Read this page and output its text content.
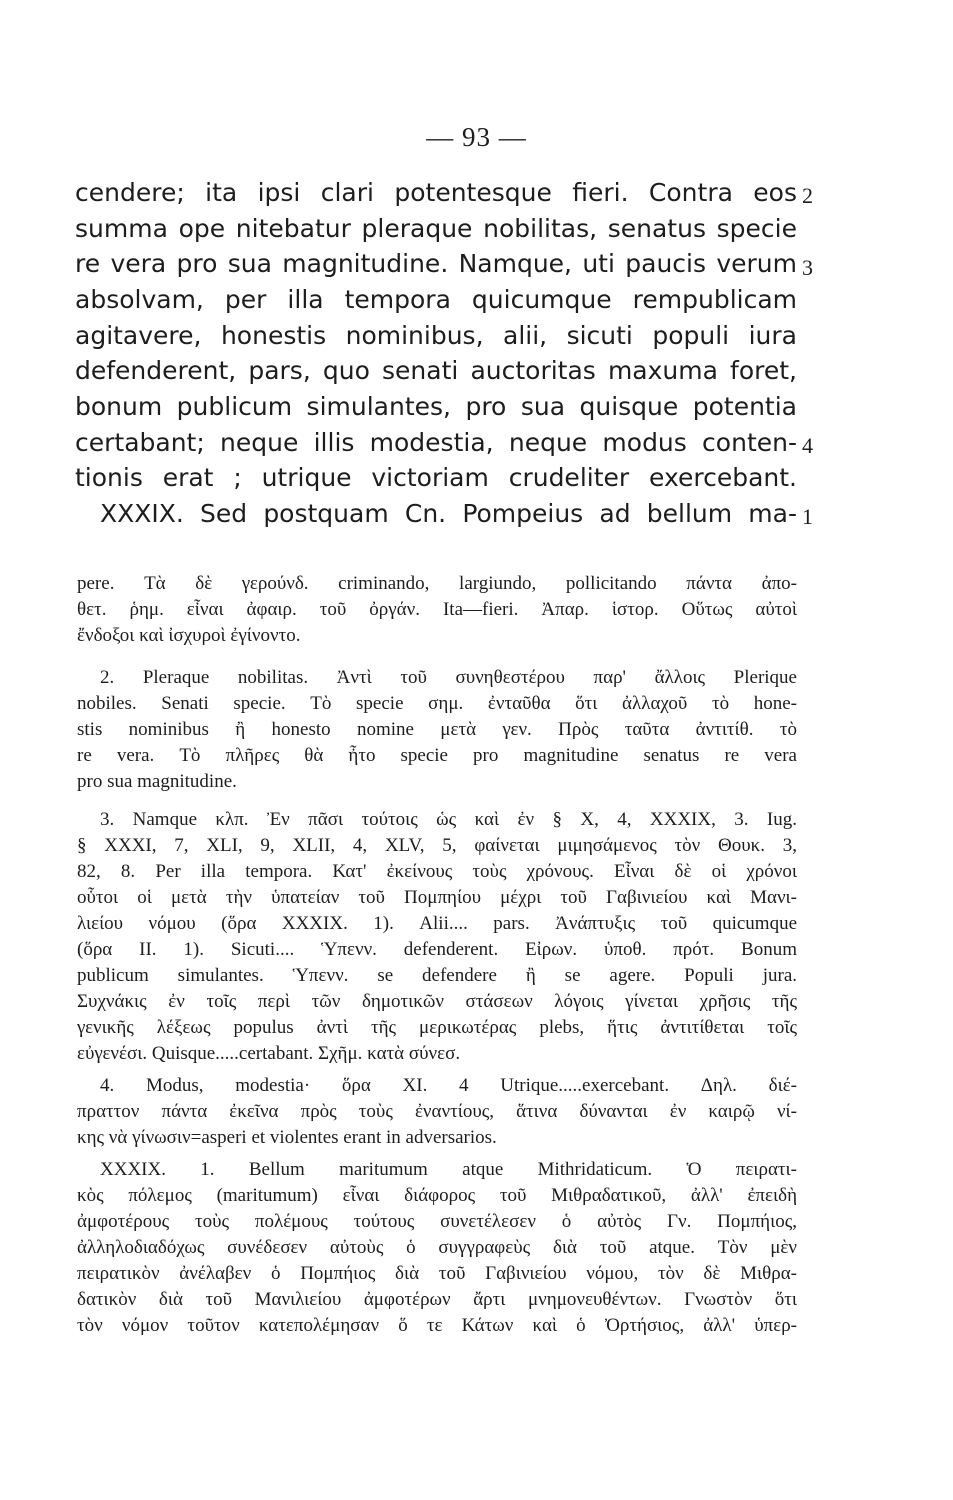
— 93 —
cendere; ita ipsi clari potentesque fieri. Contra eos
summa ope nitebatur pleraque nobilitas, senatus specie
re vera pro sua magnitudine. Namque, uti paucis verum
absolvam, per illa tempora quicumque rempublicam
agitavere, honestis nominibus, alii, sicuti populi iura
defenderent, pars, quo senati auctoritas maxuma foret,
bonum publicum simulantes, pro sua quisque potentia
certabant; neque illis modestia, neque modus conten-
tionis erat ; utrique victoriam crudeliter exercebant.
XXXIX. Sed postquam Cn. Pompeius ad bellum ma-
2
3
4
1
pere. Τὰ δὲ γερούνδ. criminando, largiundo, pollicitando πάντα ἀπο-
θετ. ῥημ. εἶναι ἀφαιρ. τοῦ ὀργάν. Ita—fieri. Ἀπαρ. ἱστορ. Οὕτως αὐτοὶ
ἔνδοξοι καὶ ἰσχυροὶ ἐγίνοντο.
2. Pleraque nobilitas. Ἀντὶ τοῦ συνηθεστέρου παρ' ἄλλοις Plerique
nobiles. Senati specie. Τὸ specie σημ. ἐνταῦθα ὅτι ἀλλαχοῦ τὸ hone-
stis nominibus ἢ honesto nomine μετὰ γεν. Πρὸς ταῦτα ἀντιτίθ. τὸ
re vera. Τὸ πλῆρες θὰ ἦτο specie pro magnitudine senatus re vera
pro sua magnitudine.
3. Namque κλπ. Ἐν πᾶσι τούτοις ὡς καὶ ἐν § X, 4, XXXIX, 3. Iug.
§ XXXI, 7, XLI, 9, XLII, 4, XLV, 5, φαίνεται μιμησάμενος τὸν Θουκ. 3,
82, 8. Per illa tempora. Κατ' ἐκείνους τοὺς χρόνους. Εἶναι δὲ οἱ χρόνοι
οὗτοι οἱ μετὰ τὴν ὑπατείαν τοῦ Πομπηίου μέχρι τοῦ Γαβινιείου καὶ Μανι-
λιείου νόμου (ὅρα XXXIX. 1). Alii.... pars. Ἀνάπτυξις τοῦ quicumque
(ὅρα II. 1). Sicuti.... Ὑπενν. defenderent. Εἰρων. ὑποθ. πρότ. Bonum
publicum simulantes. Ὑπενν. se defendere ἢ se agere. Populi jura.
Συχνάκις ἐν τοῖς περὶ τῶν δημοτικῶν στάσεων λόγοις γίνεται χρῆσις τῆς
γενικῆς λέξεως populus ἀντὶ τῆς μερικωτέρας plebs, ἥτις ἀντιτίθεται τοῖς
εὐγενέσι. Quisque.....certabant. Σχῆμ. κατὰ σύνεσ.
4. Modus, modestia· ὅρα XI. 4 Utrique.....exercebant. Δηλ. διέ-
πραττον πάντα ἐκεῖνα πρὸς τοὺς ἐναντίους, ἅτινα δύνανται ἐν καιρῷ νί-
κης νὰ γίνωσιν=asperi et violentes erant in adversarios.
XXXIX. 1. Bellum maritumum atque Mithridaticum. Ὁ πειρατι-
κὸς πόλεμος (maritumum) εἶναι διάφορος τοῦ Μιθραδατικοῦ, ἀλλ' ἐπειδὴ
ἀμφοτέρους τοὺς πολέμους τούτους συνετέλεσεν ὁ αὐτὸς Γν. Πομπήιος,
ἀλληλοδιαδόχως συνέδεσεν αὐτοὺς ὁ συγγραφεὺς διὰ τοῦ atque. Τὸν μὲν
πειρατικὸν ἀνέλαβεν ὁ Πομπήιος διὰ τοῦ Γαβινιείου νόμου, τὸν δὲ Μιθρα-
δατικὸν διὰ τοῦ Μανιλιείου ἀμφοτέρων ἄρτι μνημονευθέντων. Γνωστὸν ὅτι
τὸν νόμον τοῦτον κατεπολέμησαν ὅ τε Κάτων καὶ ὁ Ὀρτήσιος, ἀλλ' ὑπερ-
